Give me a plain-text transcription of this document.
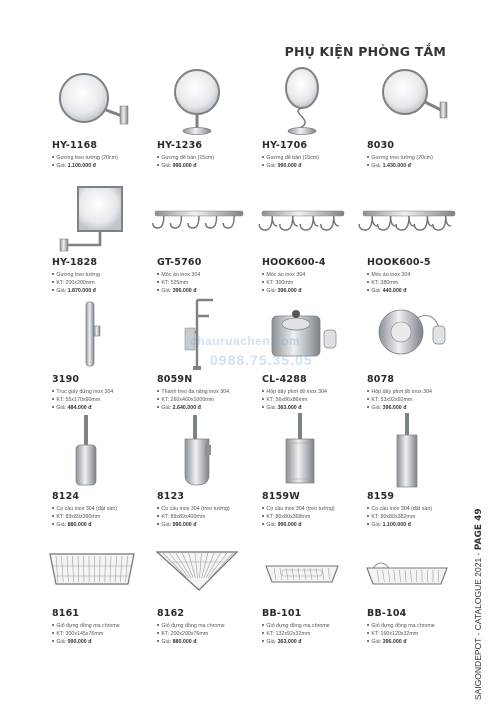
PHỤ KIỆN PHÒNG TẮM
HY-1168
Gương treo tường (20cm)
Giá: 1.100.000 đ
HY-1236
Gương để bàn (15cm)
Giá: 990.000 đ
HY-1706
Gương để bàn (15cm)
Giá: 990.000 đ
8030
Gương treo tường (20cm)
Giá: 1.430.000 đ
HY-1828
Gương treo tường
KT: 200x200mm
Giá: 1.870.000 đ
GT-5760
Móc áo inox 304
KT: 525mm
Giá: 396.000 đ
HOOK600-4
Móc áo inox 304
KT: 300mm
Giá: 396.000 đ
HOOK600-5
Móc áo inox 304
KT: 380mm
Giá: 440.000 đ
3190
Trục giấy đứng inox 304
KT: 55x170x90mm
Giá: 484.000 đ
8059N
Thanh treo đa năng inox 304
KT: 260x460x1000mm
Giá: 2.640.000 đ
CL-4288
Hộp dây phơi đồ inox 304
KT: 56x86x86mm
Giá: 363.000 đ
8078
Hộp dây phơi đồ inox 304
KT: 53x92x92mm
Giá: 396.000 đ
8124
Cọ cầu inox 304 (đặt sàn)
KT: 89x89x390mm
Giá: 880.000 đ
8123
Cọ cầu inox 304 (treo tường)
KT: 89x89x400mm
Giá: 990.000 đ
8159W
Cọ cầu inox 304 (treo tường)
KT: 80x80x368mm
Giá: 990.000 đ
8159
Cọ cầu inox 304 (đặt sàn)
KT: 80x80x382mm
Giá: 1.100.000 đ
8161
Giỏ đựng đồng mạ chrome
KT: 300x145x76mm
Giá: 990.000 đ
8162
Giỏ đựng đồng mạ chrome
KT: 200x200x76mm
Giá: 880.000 đ
BB-101
Giỏ đựng đồng mạ chrome
KT: 132x92x32mm
Giá: 363.000 đ
BB-104
Giỏ đựng đồng mạ chrome
KT: 160x120x32mm
Giá: 396.000 đ
chauruachen.com
0988.75.35.05
SAIGONDEPOT - CATALOGUE 2021 - PAGE 49
